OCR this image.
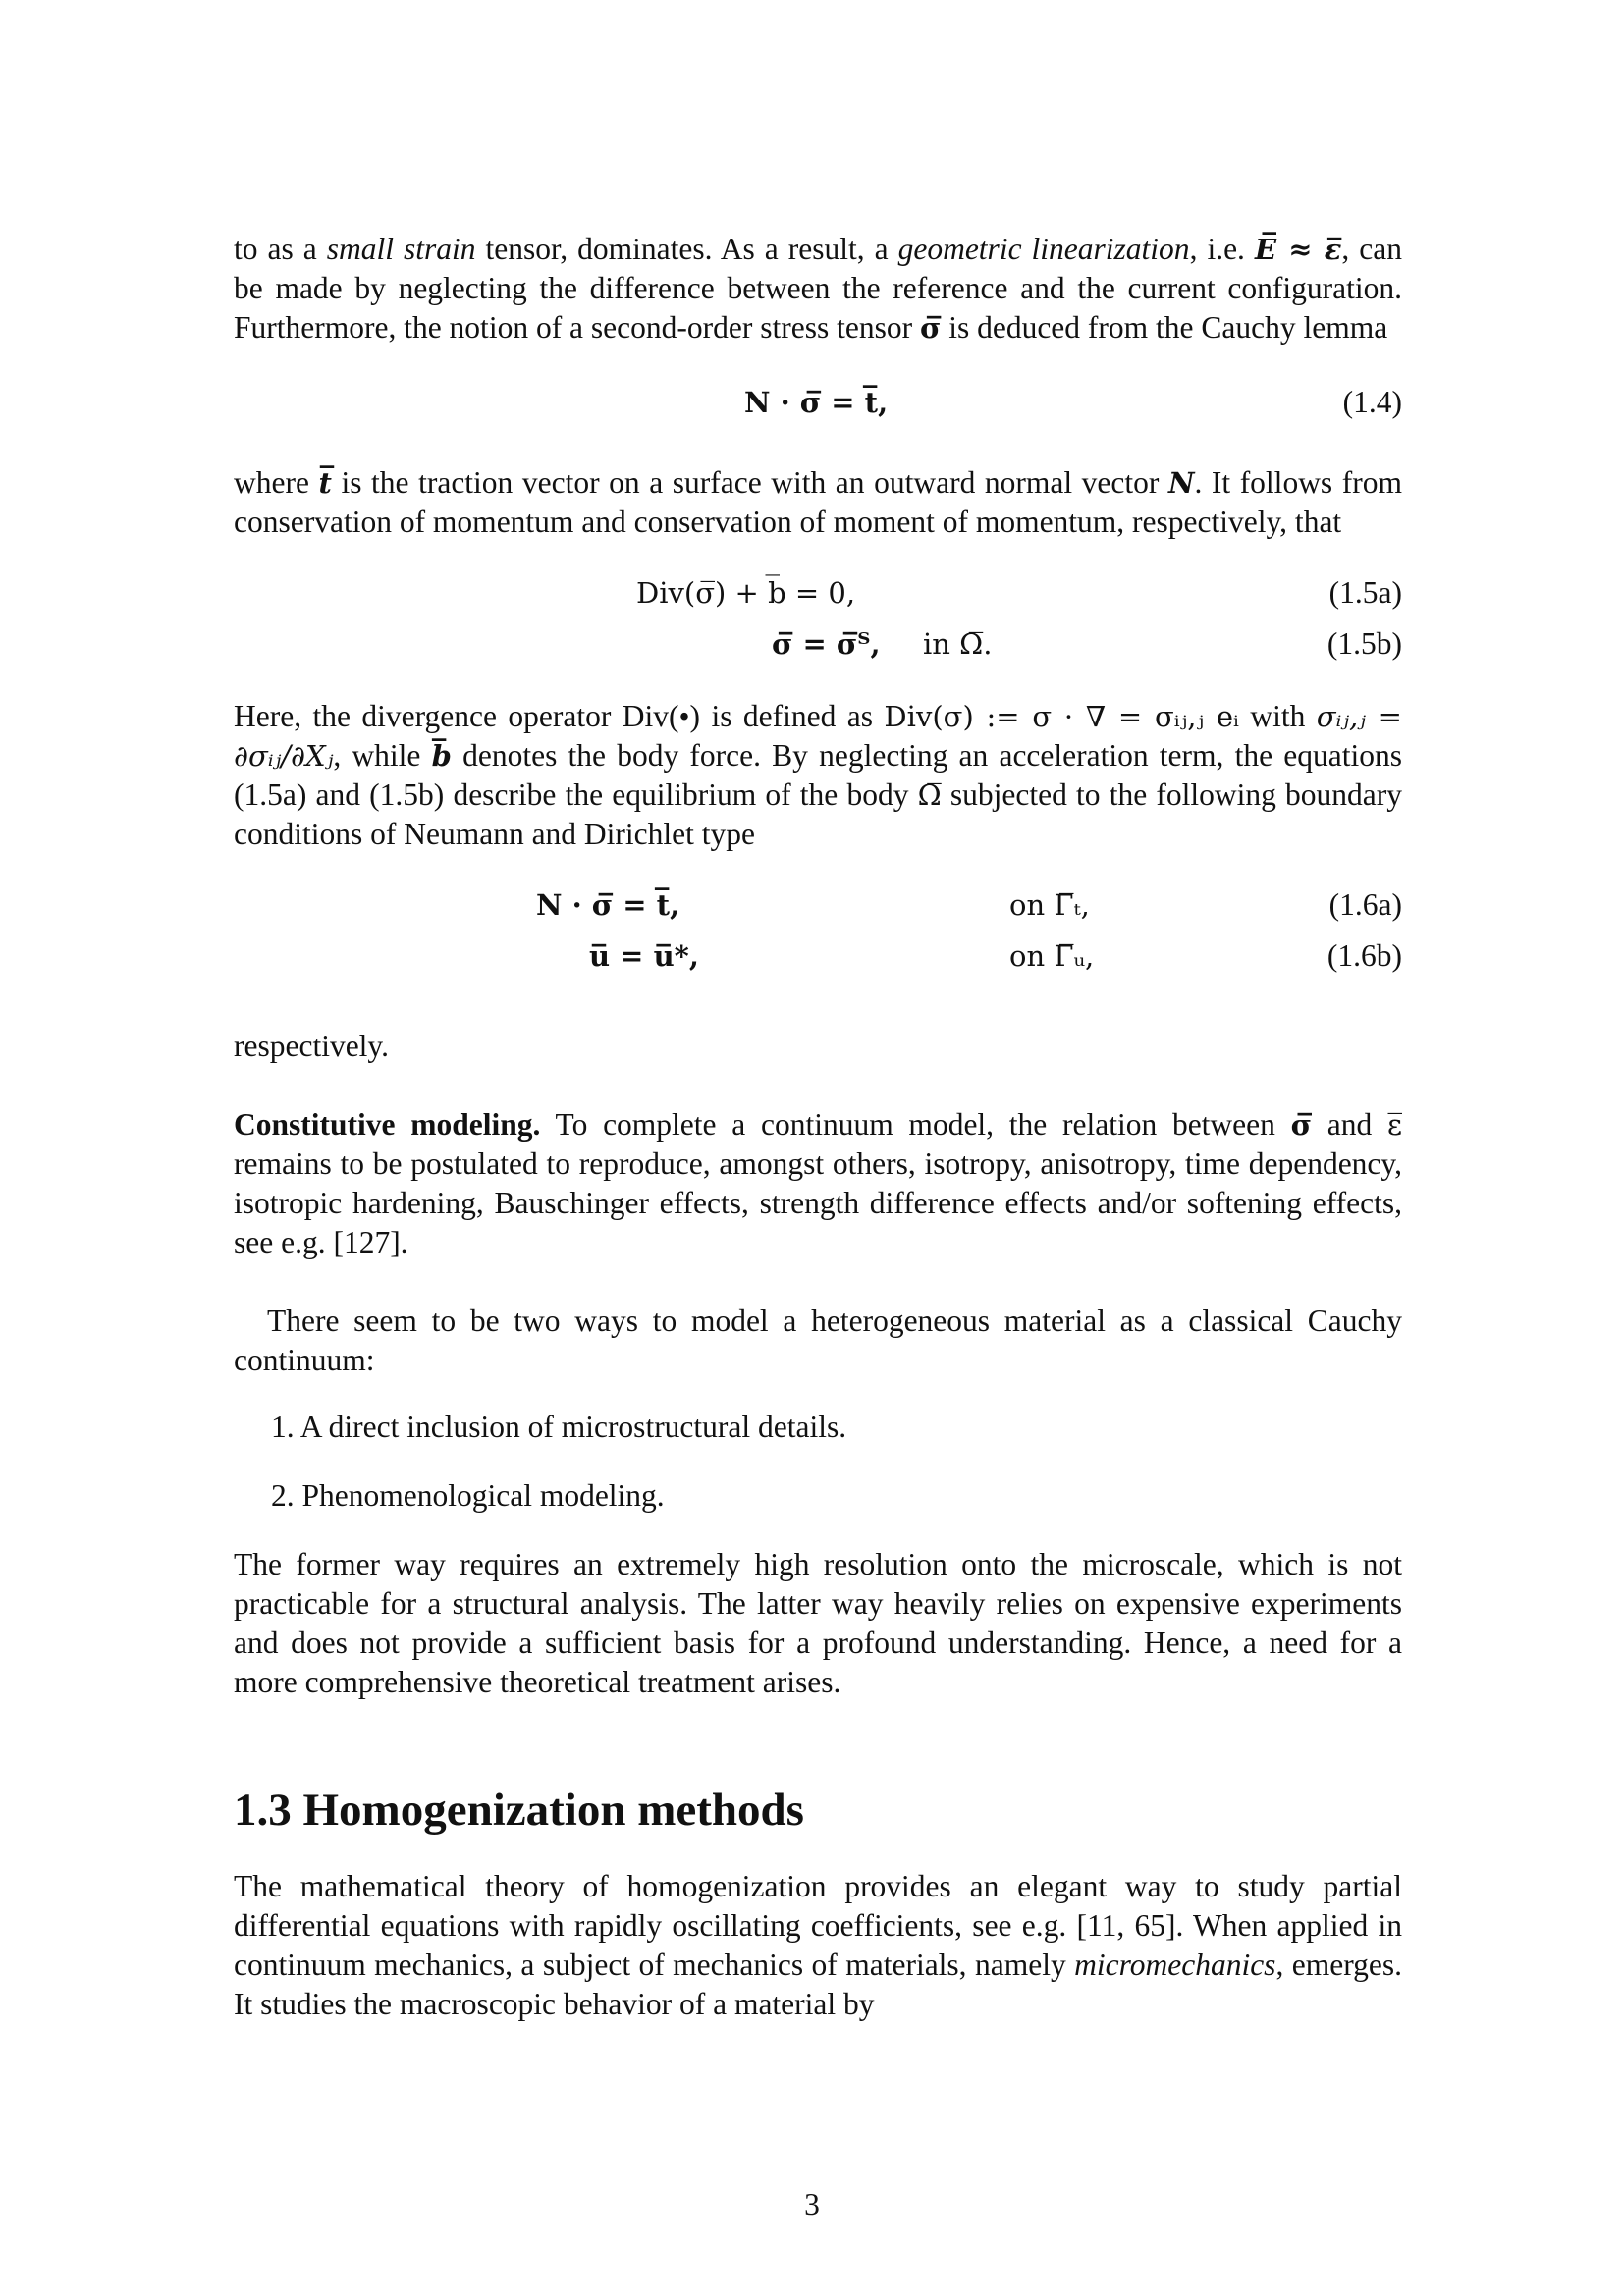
to as a small strain tensor, dominates. As a result, a geometric linearization, i.e. E̅ ≈ ε̅, can be made by neglecting the difference between the reference and the current configuration. Furthermore, the notion of a second-order stress tensor σ̅ is deduced from the Cauchy lemma

N · σ̅ = t̅,	(1.4)

where t̅ is the traction vector on a surface with an outward normal vector N. It follows from conservation of momentum and conservation of moment of momentum, respectively, that

Div(σ̅) + b̅ = 0,	(1.5a)
σ̅ = σ̅ᵀ, in Ω̅.	(1.5b)

Here, the divergence operator Div(•) is defined as Div(σ) := σ · ∇ = σᵢⱼ,ⱼ eᵢ with σᵢⱼ,ⱼ = ∂σᵢⱼ/∂Xⱼ, while b̅ denotes the body force. By neglecting an acceleration term, the equations (1.5a) and (1.5b) describe the equilibrium of the body Ω̅ subjected to the following boundary conditions of Neumann and Dirichlet type

N · σ̅ = t̅,	on Γ̅ₜ,	(1.6a)
u̅ = u̅*,	on Γ̅ᵤ,	(1.6b)

respectively.

Constitutive modeling. To complete a continuum model, the relation between σ̅ and ε̅ remains to be postulated to reproduce, amongst others, isotropy, anisotropy, time dependency, isotropic hardening, Bauschinger effects, strength difference effects and/or softening effects, see e.g. [127].

There seem to be two ways to model a heterogeneous material as a classical Cauchy continuum:

1. A direct inclusion of microstructural details.

2. Phenomenological modeling.

The former way requires an extremely high resolution onto the microscale, which is not practicable for a structural analysis. The latter way heavily relies on expensive experiments and does not provide a sufficient basis for a profound understanding. Hence, a need for a more comprehensive theoretical treatment arises.

1.3 Homogenization methods

The mathematical theory of homogenization provides an elegant way to study partial differential equations with rapidly oscillating coefficients, see e.g. [11, 65]. When applied in continuum mechanics, a subject of mechanics of materials, namely micromechanics, emerges. It studies the macroscopic behavior of a material by

3
